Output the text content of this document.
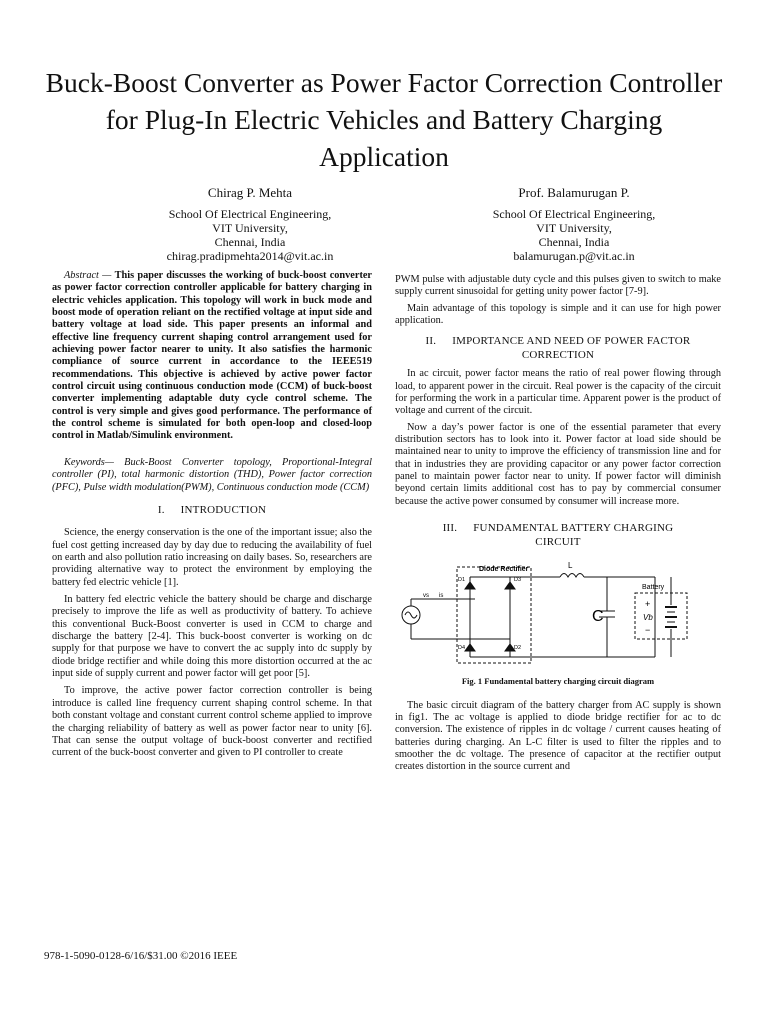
Buck-Boost Converter as Power Factor Correction Controller for Plug-In Electric Vehicles and Battery Charging Application
Chirag P. Mehta
School Of Electrical Engineering,
VIT University,
Chennai, India
chirag.pradipmehta2014@vit.ac.in
Prof. Balamurugan P.
School Of Electrical Engineering,
VIT University,
Chennai, India
balamurugan.p@vit.ac.in

Abstract — This paper discusses the working of buck-boost converter as power factor correction controller applicable for battery charging in electric vehicles application. This topology will work in buck mode and boost mode of operation reliant on the rectified voltage at input side and battery voltage at load side. This paper presents an informal and effective line frequency current shaping control arrangement used for achieving power factor nearer to unity. It also satisfies the harmonic compliance of source current in accordance to the IEEE519 recommendations. This objective is achieved by active power factor control circuit using continuous conduction mode (CCM) of buck-boost converter implementing adaptable duty cycle control scheme. The control is very simple and gives good performance. The performance of the control scheme is simulated for both open-loop and closed-loop control in Matlab/Simulink environment.

Keywords— Buck-Boost Converter topology, Proportional-Integral controller (PI), total harmonic distortion (THD), Power factor correction (PFC), Pulse width modulation(PWM), Continuous conduction mode (CCM)

I. INTRODUCTION

Science, the energy conservation is the one of the important issue; also the fuel cost getting increased day by day due to reducing the availability of fuel on earth and also pollution ratio increasing on daily bases. So, researchers are providing alternative way to protect the environment by employing the battery fed electric vehicle [1].

In battery fed electric vehicle the battery should be charge and discharge precisely to improve the life as well as productivity of battery. To achieve this conventional Buck-Boost converter is used in CCM to charge and discharge the battery [2-4]. This buck-boost converter is working on dc supply for that purpose we have to convert the ac supply into dc supply by diode bridge rectifier and while doing this more distortion occurred at the ac input side of supply current and power factor will get poor [5].

To improve, the active power factor correction controller is being introduce is called line frequency current shaping control scheme. In that both constant voltage and constant current control scheme applied to improve the charging reliability of battery as well as power factor near to unity [6]. That can sense the output voltage of buck-boost converter and rectified current of the buck-boost converter and given to PI controller to create

PWM pulse with adjustable duty cycle and this pulses given to switch to make supply current sinusoidal for getting unity power factor [7-9].

Main advantage of this topology is simple and it can use for high power application.

II. IMPORTANCE AND NEED OF POWER FACTOR CORRECTION

In ac circuit, power factor means the ratio of real power flowing through load, to apparent power in the circuit. Real power is the capacity of the circuit for performing the work in a particular time. Apparent power is the product of voltage and current of the circuit.

Now a day’s power factor is one of the essential parameter that every distribution sectors has to look into it. Power factor at load side should be maintained near to unity to improve the efficiency of transmission line and for that in industries they are providing capacitor or any power factor correction panel to maintain power factor near to unity. If power factor will diminish beyond certain limits additional cost has to pay by commercial consumer because the active power consumed by consumer will increase more.

III. FUNDAMENTAL BATTERY CHARGING CIRCUIT
Diode Rectifier	L
Battery
C
vs is
D1	D3
D4	D2
+
Vb
−
Fig. 1 Fundamental battery charging circuit diagram

The basic circuit diagram of the battery charger from AC supply is shown in fig1. The ac voltage is applied to diode bridge rectifier for ac to dc conversion. The existence of ripples in dc voltage / current causes heating of batteries during charging. An L-C filter is used to filter the ripples and to smoother the dc voltage. The presence of capacitor at the rectifier output creates distortion in the source current and

978-1-5090-0128-6/16/$31.00 ©2016 IEEE
